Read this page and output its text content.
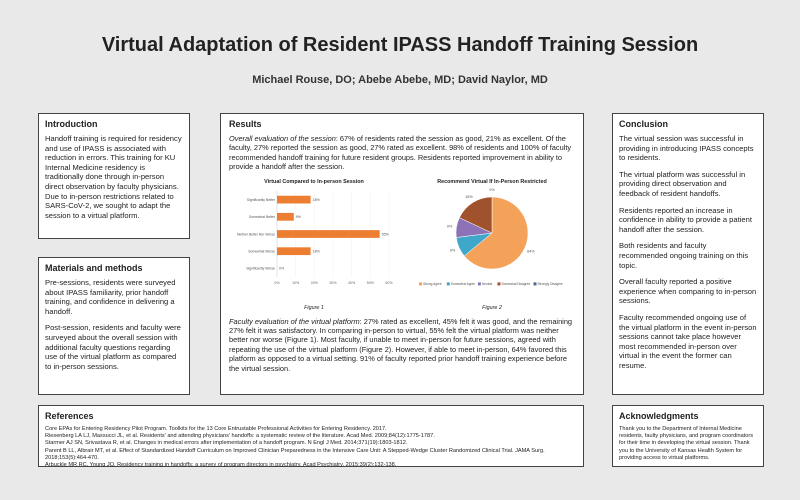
Virtual Adaptation of Resident IPASS Handoff Training Session
Michael Rouse, DO; Abebe Abebe, MD; David Naylor, MD
Introduction
Handoff training is required for residency and use of IPASS is associated with reduction in errors. This training for KU Internal Medicine residency is traditionally done through in-person direct observation by faculty physicians. Due to in-person restrictions related to SARS-CoV-2, we sought to adapt the session to a virtual platform.
Materials and methods

Pre-sessions, residents were surveyed about IPASS familiarity, prior handoff training, and confidence in delivering a handoff.

Post-session, residents and faculty were surveyed about the overall session with additional faculty questions regarding use of the virtual platform as compared to in-person sessions.

Results

Overall evaluation of the session: 67% of residents rated the session as good, 21% as excellent. Of the faculty, 27% reported the session as good, 27% rated as excellent. 98% of residents and 100% of faculty recommended handoff training for future resident groups. Residents reported improvement in ability to provide a handoff after the session.

Virtual Compared to In-person Session
0%	10%	20%	30%	40%	50%	60%
Significantly Worse 0%
Somewhat Worse	18%
Neither Better Nor Worse	55%
Somewhat Better	9%
Significantly Better	18%
Figure 1
Recommend Virtual If In-Person Restricted
64%
9%
9%
18%
0%
Strong Agree	Somewhat Agree Neutral	Somewhat Disagree Strongly Disagree
Figure 2

Faculty evaluation of the virtual platform: 27% rated as excellent, 45% felt it was good, and the remaining 27% felt it was satisfactory. In comparing in-person to virtual, 55% felt the virtual platform was neither better nor worse (Figure 1). Most faculty, if unable to meet in-person for future sessions, agreed with repeating the use of the virtual platform (Figure 2). However, if able to meet in-person, 64% favored this platform as opposed to a virtual setting. 91% of faculty reported prior handoff training experience before the virtual session.

Conclusion

The virtual session was successful in providing in introducing IPASS concepts to residents.

The virtual platform was successful in providing direct observation and feedback of resident handoffs.

Residents reported an increase in confidence in ability to provide a patient handoff after the session.

Both residents and faculty recommended ongoing training on this topic.

Overall faculty reported a positive experience when comparing to in-person sessions.

Faculty recommended ongoing use of the virtual platform in the event in-person sessions cannot take place however most recommended in-person over virtual in the event the former can resume.

References
Core EPAs for Entering Residency Pilot Program. Toolkits for the 13 Core Entrustable Professional Activities for Entering Residency. 2017.
Riesenberg LA LJ, Massucci JL, et al. Residents' and attending physicians' handoffs: a systematic review of the literature. Acad Med. 2009;84(12):1775-1787.
Starmer AJ SN, Srivastava R, et al. Changes in medical errors after implementation of a handoff program. N Engl J Med. 2014;371(19):1803-1812.
Parent B LL, Albrair MT, et al. Effect of Standardized Handoff Curriculum on Improved Clinician Preparedness in the Intensive Care Unit: A Stepped-Wedge Cluster Randomized Clinical Trial. JAMA Surg. 2018;153(5):464-470.
Arbuckle MR RC, Young JQ. Residency training in handoffs: a survey of program directors in psychiatry. Acad Psychiatry. 2015;39(2):132-138.
Acknowledgments
Thank you to the Department of Internal Medicine residents, faulty physicians, and program coordinators for their time in developing the virtual session. Thank you to the University of Kansas Health System for providing access to virtual platforms.
